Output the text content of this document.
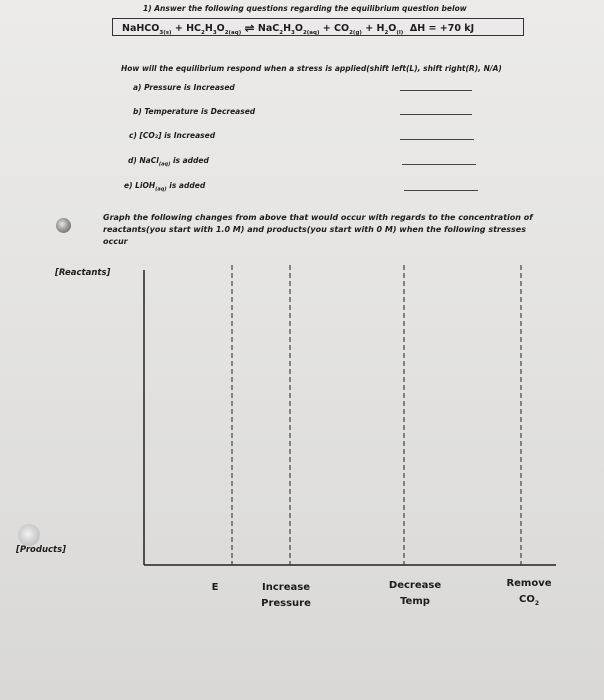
1) Answer the following questions regarding the equilibrium question below
NaHCO$_{3(s)}$ + $HC_2H_3O_{2(aq)}$ ⇌ $NaC_2H_3O_{2(aq)} + CO_{2(g)} + H_2O_{(l)}$ ΔH = +70 kJ
How will the equilibrium respond when a stress is applied(shift left(L), shift right(R), N/A)
a) Pressure is Increased
b) Temperature is Decreased
c) [CO₂] is Increased
d) NaCl$_{(aq)}$ is added
e) LiOH$_{(aq)}$ is added
Graph the following changes from above that would occur with regards to the concentration of reactants(you start with 1.0 M) and products(you start with 0 M) when the following stresses occur
[Reactants]
[Products]
E	Increase
Pressure
Decrease
Temp
Remove
$CO_2$
